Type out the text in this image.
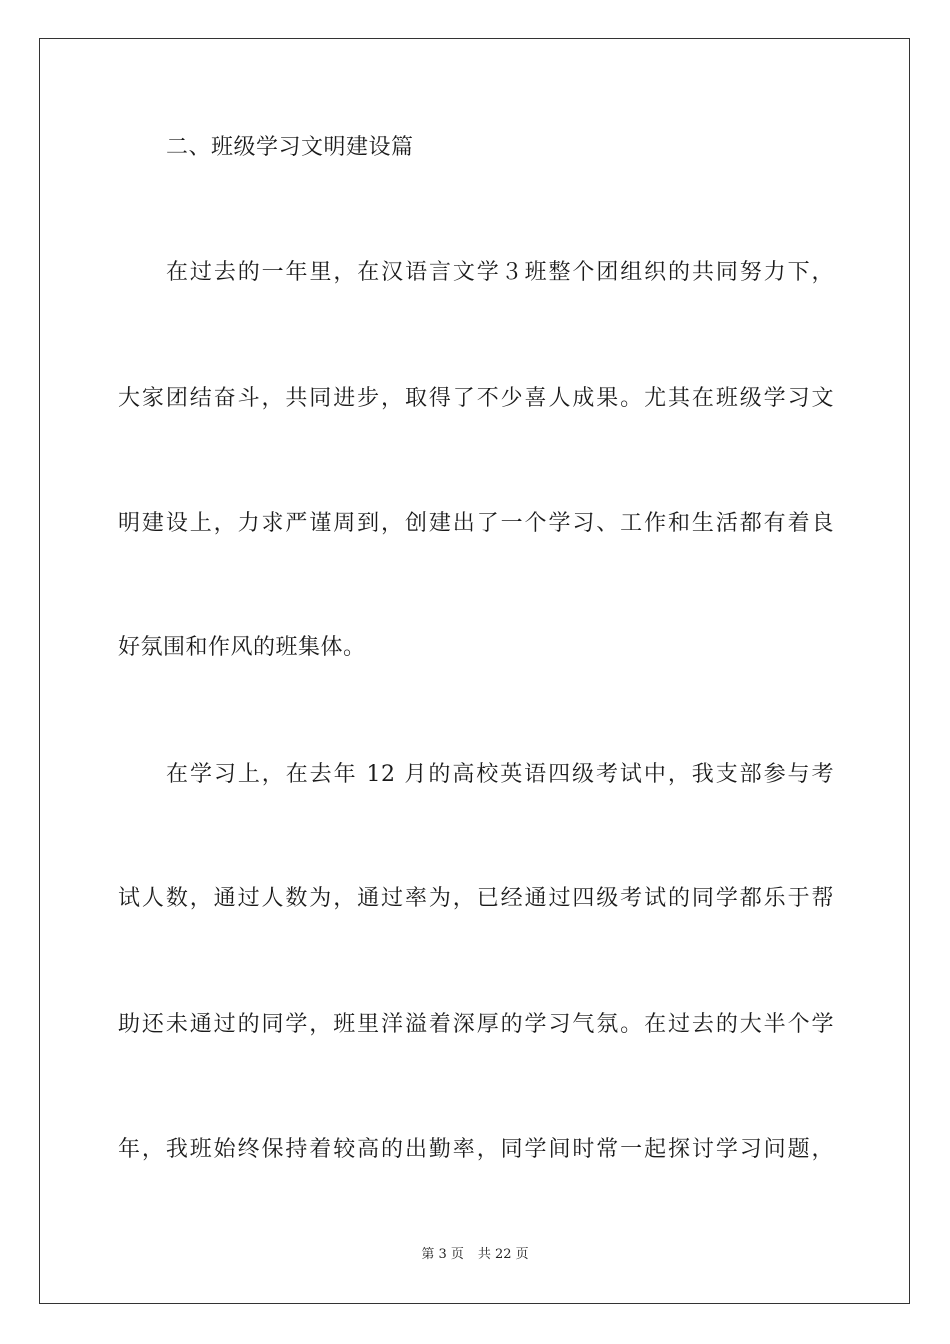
二、班级学习文明建设篇
在过去的一年里，在汉语言文学３班整个团组织的共同努力下，
大家团结奋斗，共同进步，取得了不少喜人成果。尤其在班级学习文
明建设上，力求严谨周到，创建出了一个学习、工作和生活都有着良
好氛围和作风的班集体。
在学习上，在去年 12 月的高校英语四级考试中，我支部参与考
试人数，通过人数为，通过率为，已经通过四级考试的同学都乐于帮
助还未通过的同学，班里洋溢着深厚的学习气氛。在过去的大半个学
年，我班始终保持着较高的出勤率，同学间时常一起探讨学习问题，
第 3 页 共 22 页
